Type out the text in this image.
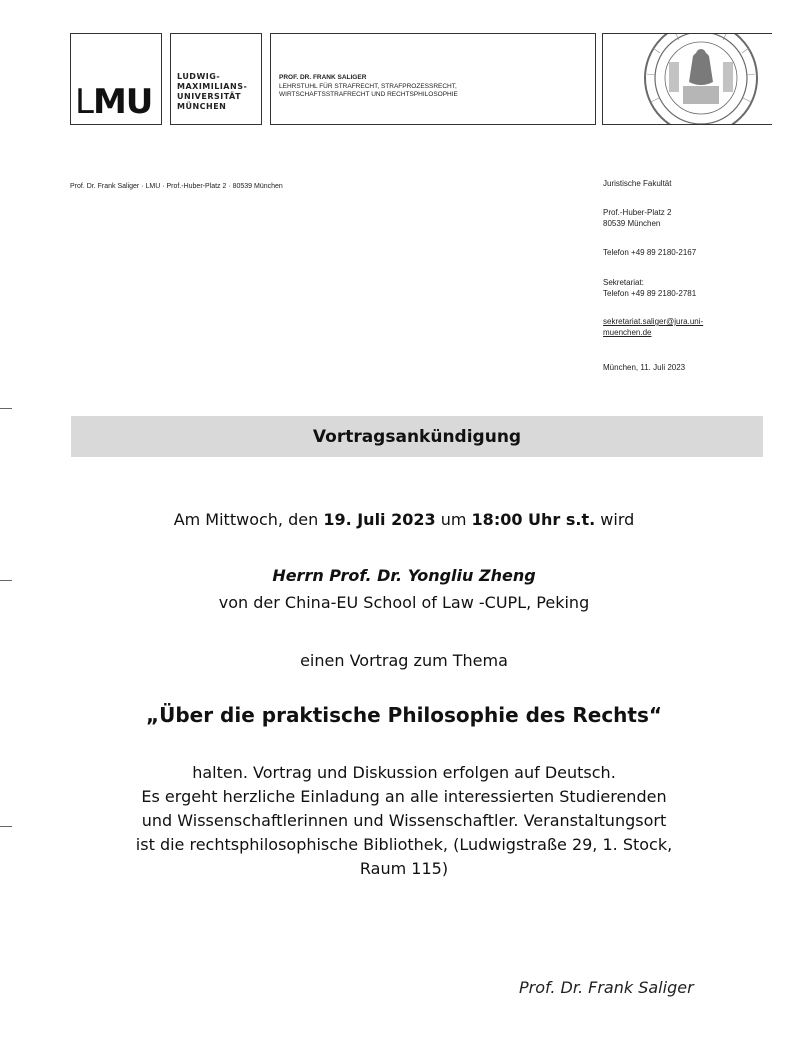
LMU
LUDWIG-
MAXIMILIANS-
UNIVERSITÄT
MÜNCHEN
PROF. DR. FRANK SALIGER
LEHRSTUHL FÜR STRAFRECHT, STRAFPROZESSRECHT,
WIRTSCHAFTSSTRAFRECHT UND RECHTSPHILOSOPHIE
Prof. Dr. Frank Saliger · LMU · Prof.-Huber-Platz 2 · 80539 München	Juristische Fakultät
Prof.-Huber-Platz 2
80539 München
Telefon +49 89 2180-2167
Sekretariat:
Telefon +49 89 2180-2781
sekretariat.saliger@jura.uni-
muenchen.de
München, 11. Juli 2023
Vortragsankündigung
Am Mittwoch, den 19. Juli 2023 um 18:00 Uhr s.t. wird
Herrn Prof. Dr. Yongliu Zheng
von der China-EU School of Law -CUPL, Peking
einen Vortrag zum Thema
„Über die praktische Philosophie des Rechts“
halten. Vortrag und Diskussion erfolgen auf Deutsch.
Es ergeht herzliche Einladung an alle interessierten Studierenden
und Wissenschaftlerinnen und Wissenschaftler. Veranstaltungsort
ist die rechtsphilosophische Bibliothek, (Ludwigstraße 29, 1. Stock,
Raum 115)
Prof. Dr. Frank Saliger
